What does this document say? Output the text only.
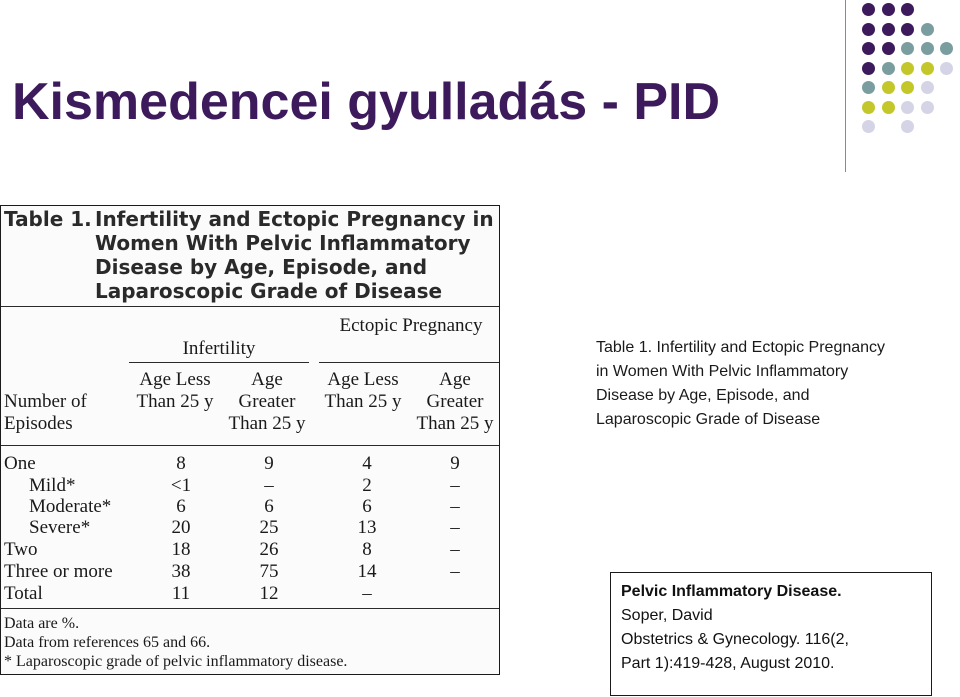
Kismedencei gyulladás - PID
Table 1. Infertility and Ectopic Pregnancy in Women With Pelvic Inflammatory Disease by Age, Episode, and Laparoscopic Grade of Disease
Infertility
Ectopic Pregnancy
Number of Episodes
Age Less Than 25 y
Age Greater Than 25 y
Age Less Than 25 y
Age Greater Than 25 y
One	8	9	4	9
Mild*	<1	–	2	–
Moderate*	6	6	6	–
Severe*	20	25	13	–
Two	18	26	8	–
Three or more	38	75	14	–
Total	11	12	–
Data are %.
Data from references 65 and 66.
* Laparoscopic grade of pelvic inflammatory disease.
Table 1. Infertility and Ectopic Pregnancy in Women With Pelvic Inflammatory Disease by Age, Episode, and Laparoscopic Grade of Disease
Pelvic Inflammatory Disease.
Soper, David
Obstetrics & Gynecology. 116(2,
Part 1):419-428, August 2010.
